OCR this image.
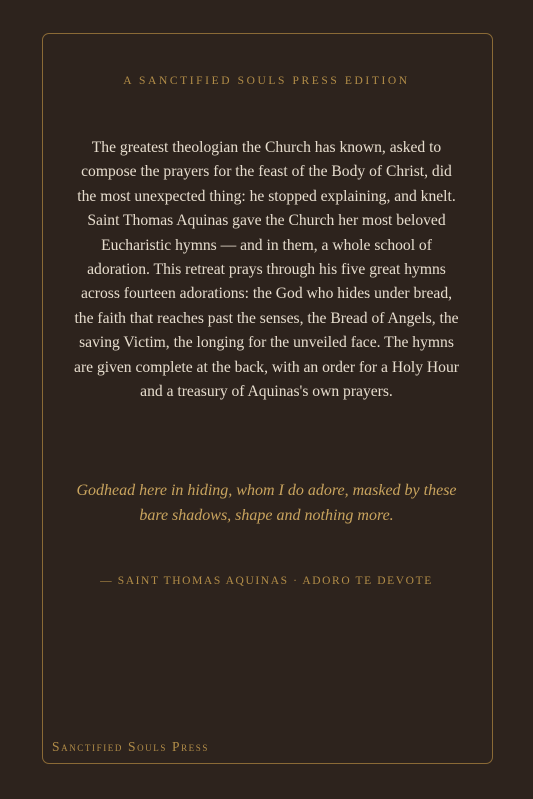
A SANCTIFIED SOULS PRESS EDITION
The greatest theologian the Church has known, asked to compose the prayers for the feast of the Body of Christ, did the most unexpected thing: he stopped explaining, and knelt. Saint Thomas Aquinas gave the Church her most beloved Eucharistic hymns — and in them, a whole school of adoration. This retreat prays through his five great hymns across fourteen adorations: the God who hides under bread, the faith that reaches past the senses, the Bread of Angels, the saving Victim, the longing for the unveiled face. The hymns are given complete at the back, with an order for a Holy Hour and a treasury of Aquinas's own prayers.
Godhead here in hiding, whom I do adore, masked by these bare shadows, shape and nothing more.
— SAINT THOMAS AQUINAS · ADORO TE DEVOTE
Sanctified Souls Press
